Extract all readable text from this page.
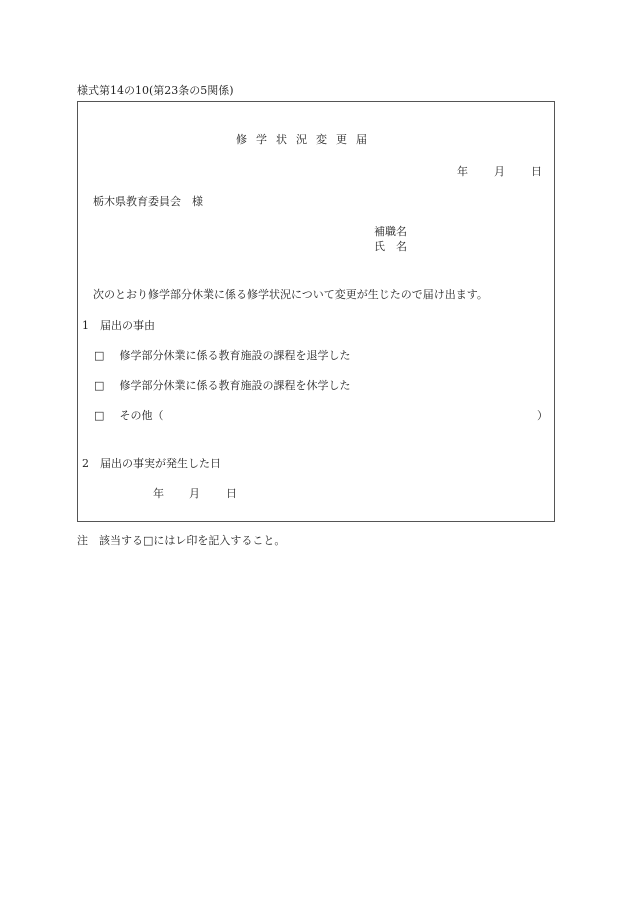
様式第14の10(第23条の5関係)
修学状況変更届
年 月 日
栃木県教育委員会　様
補職名
氏　名
次のとおり修学部分休業に係る修学状況について変更が生じたので届け出ます。
1　届出の事由
□ 修学部分休業に係る教育施設の課程を退学した
□ 修学部分休業に係る教育施設の課程を休学した
□ その他（	）
2　届出の事実が発生した日
年 月 日
注　該当する□にはレ印を記入すること。
